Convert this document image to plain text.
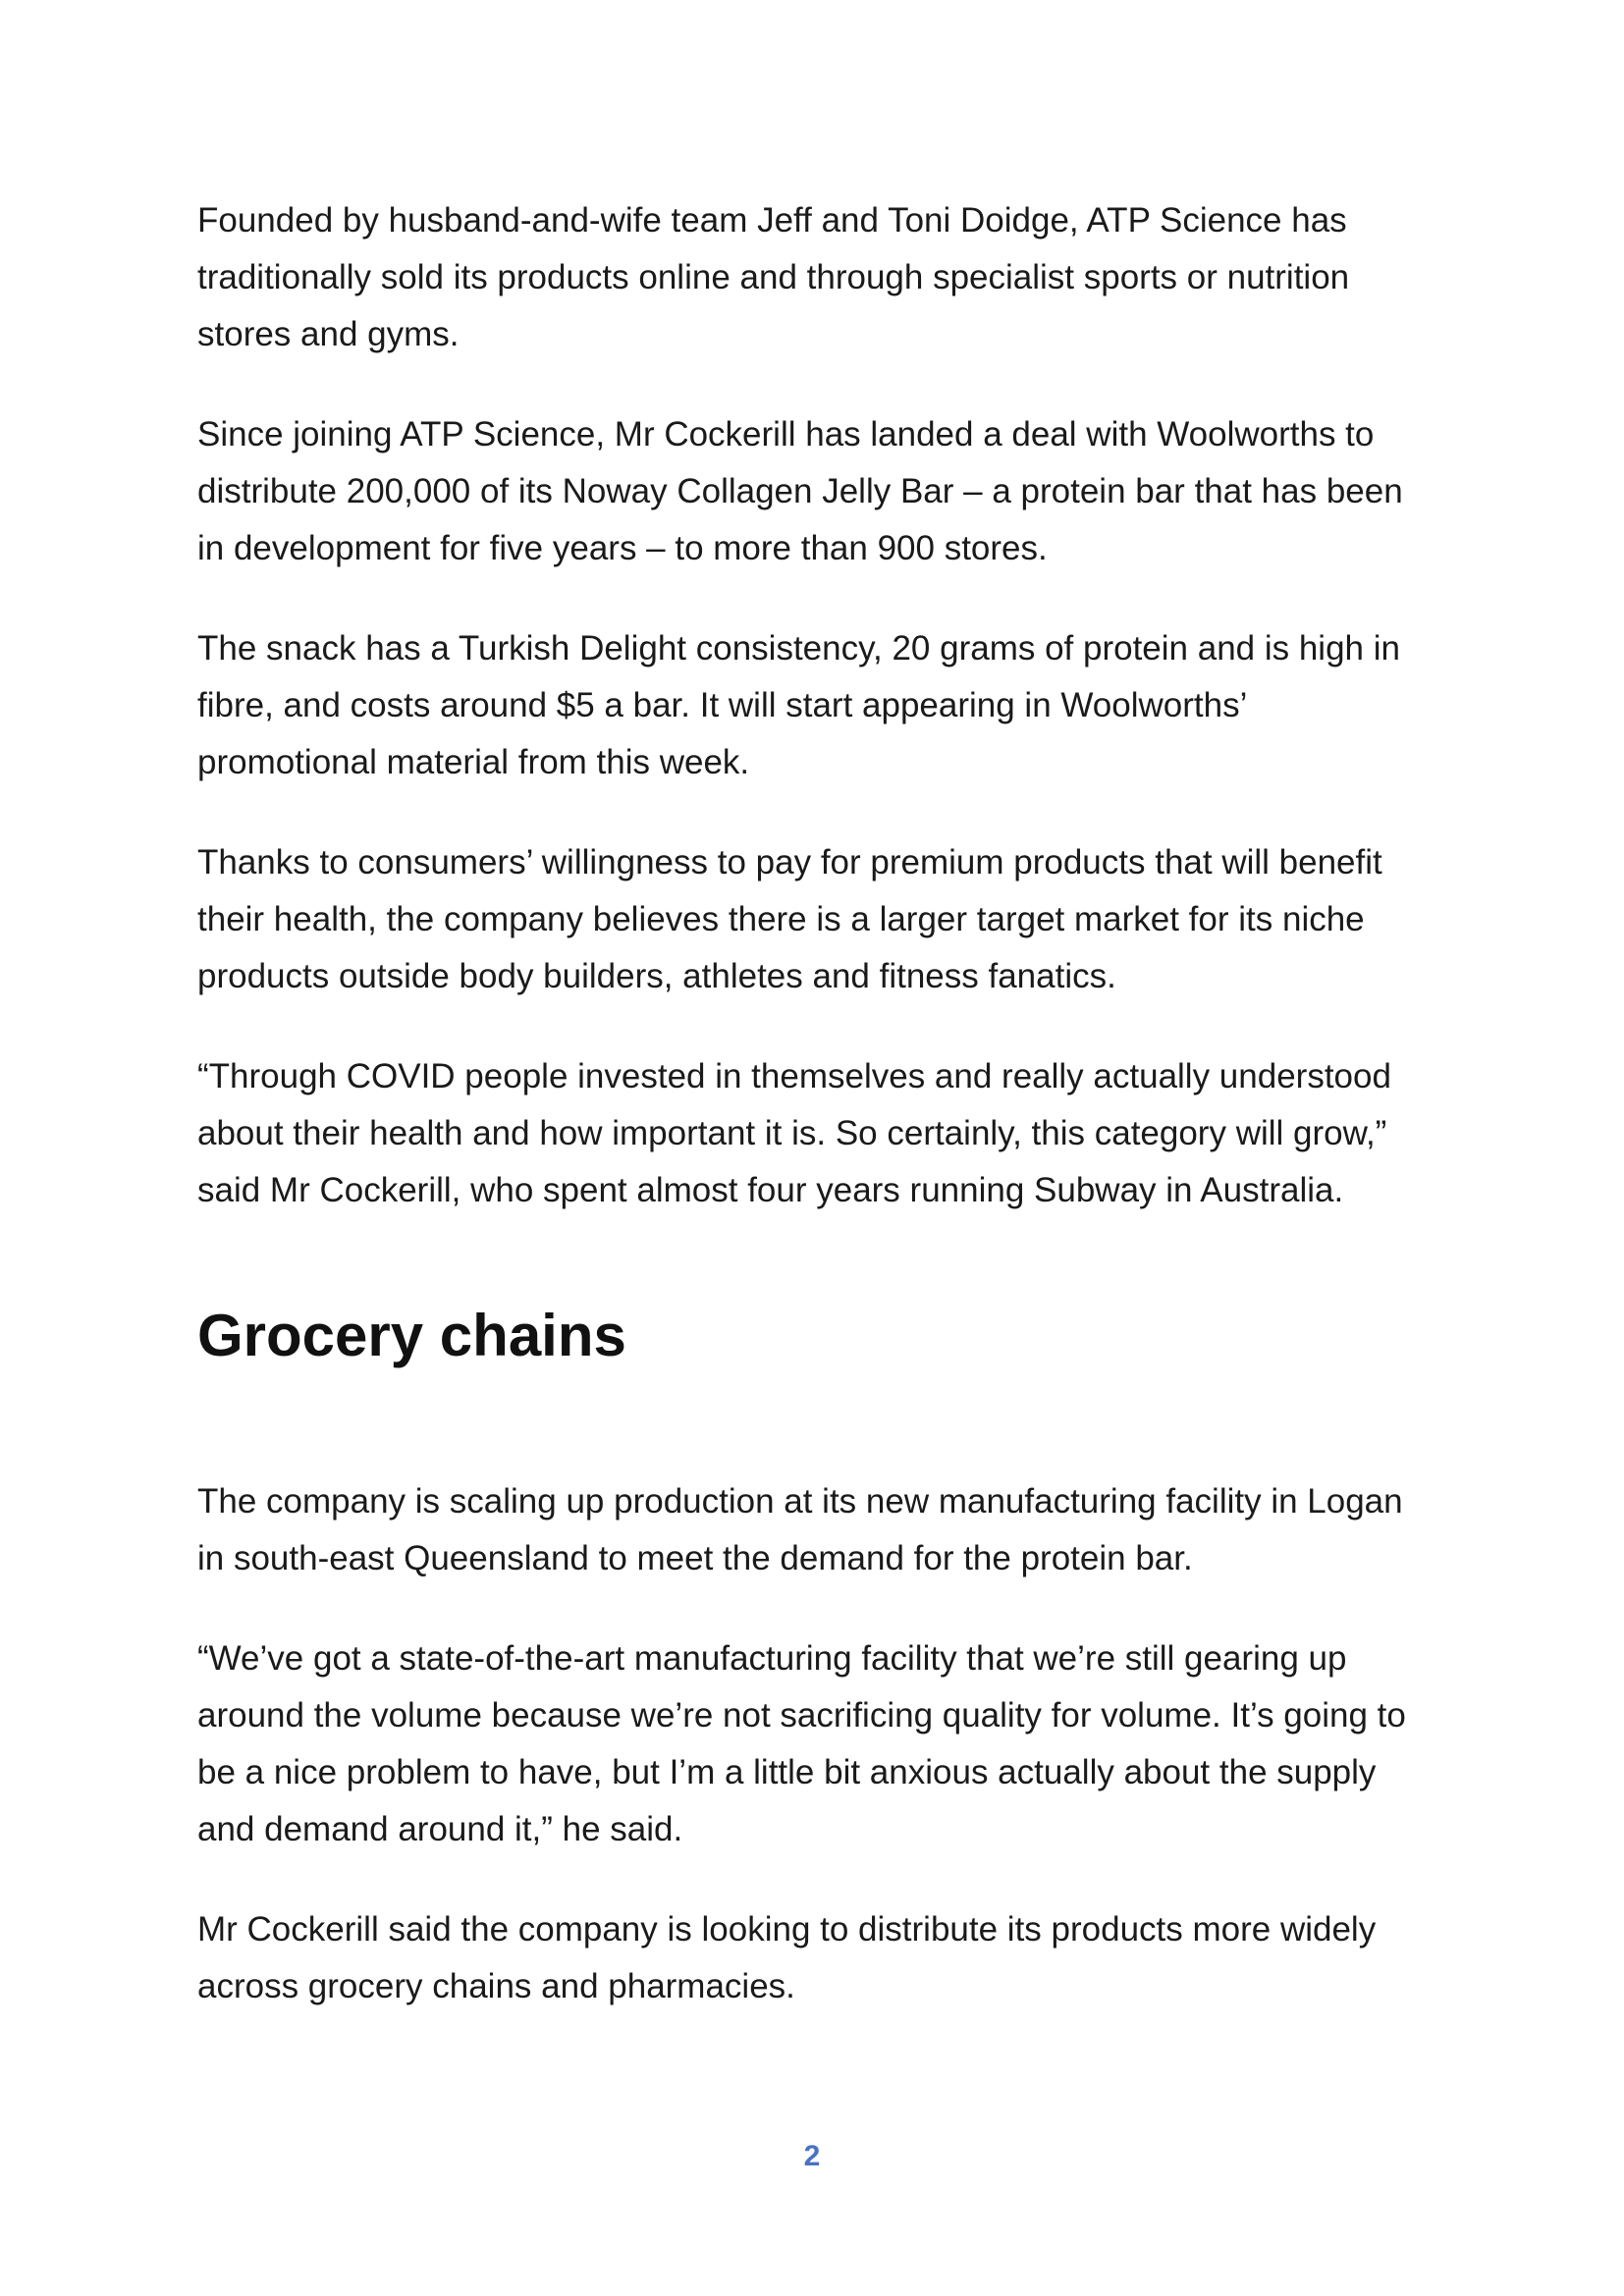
Founded by husband-and-wife team Jeff and Toni Doidge, ATP Science has traditionally sold its products online and through specialist sports or nutrition stores and gyms.

Since joining ATP Science, Mr Cockerill has landed a deal with Woolworths to distribute 200,000 of its Noway Collagen Jelly Bar – a protein bar that has been in development for five years – to more than 900 stores.

The snack has a Turkish Delight consistency, 20 grams of protein and is high in fibre, and costs around $5 a bar. It will start appearing in Woolworths’ promotional material from this week.

Thanks to consumers’ willingness to pay for premium products that will benefit their health, the company believes there is a larger target market for its niche products outside body builders, athletes and fitness fanatics.

“Through COVID people invested in themselves and really actually understood about their health and how important it is. So certainly, this category will grow,” said Mr Cockerill, who spent almost four years running Subway in Australia.

Grocery chains

The company is scaling up production at its new manufacturing facility in Logan in south-east Queensland to meet the demand for the protein bar.

“We’ve got a state-of-the-art manufacturing facility that we’re still gearing up around the volume because we’re not sacrificing quality for volume. It’s going to be a nice problem to have, but I’m a little bit anxious actually about the supply and demand around it,” he said.

Mr Cockerill said the company is looking to distribute its products more widely across grocery chains and pharmacies.

2
